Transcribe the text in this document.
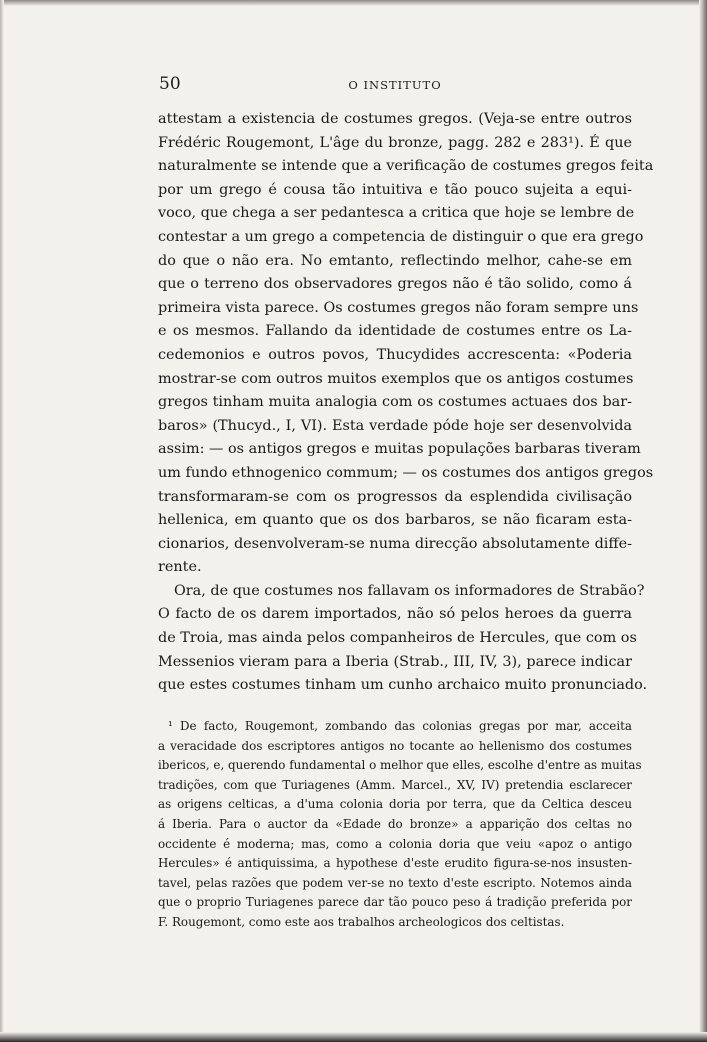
50	O INSTITUTO
attestam a existencia de costumes gregos. (Veja-se entre outros
Frédéric Rougemont, L'âge du bronze, pagg. 282 e 283¹). É que
naturalmente se intende que a verificação de costumes gregos feita
por um grego é cousa tão intuitiva e tão pouco sujeita a equi-
voco, que chega a ser pedantesca a critica que hoje se lembre de
contestar a um grego a competencia de distinguir o que era grego
do que o não era. No emtanto, reflectindo melhor, cahe-se em
que o terreno dos observadores gregos não é tão solido, como á
primeira vista parece. Os costumes gregos não foram sempre uns
e os mesmos. Fallando da identidade de costumes entre os La-
cedemonios e outros povos, Thucydides accrescenta: «Poderia
mostrar-se com outros muitos exemplos que os antigos costumes
gregos tinham muita analogia com os costumes actuaes dos bar-
baros» (Thucyd., I, VI). Esta verdade póde hoje ser desenvolvida
assim: — os antigos gregos e muitas populações barbaras tiveram
um fundo ethnogenico commum; — os costumes dos antigos gregos
transformaram-se com os progressos da esplendida civilisação
hellenica, em quanto que os dos barbaros, se não ficaram esta-
cionarios, desenvolveram-se numa direcção absolutamente diffe-
rente.
Ora, de que costumes nos fallavam os informadores de Strabão?
O facto de os darem importados, não só pelos heroes da guerra
de Troia, mas ainda pelos companheiros de Hercules, que com os
Messenios vieram para a Iberia (Strab., III, IV, 3), parece indicar
que estes costumes tinham um cunho archaico muito pronunciado.
¹ De facto, Rougemont, zombando das colonias gregas por mar, acceita
a veracidade dos escriptores antigos no tocante ao hellenismo dos costumes
ibericos, e, querendo fundamental o melhor que elles, escolhe d'entre as muitas
tradições, com que Turiagenes (Amm. Marcel., XV, IV) pretendia esclarecer
as origens celticas, a d'uma colonia doria por terra, que da Celtica desceu
á Iberia. Para o auctor da «Edade do bronze» a apparição dos celtas no
occidente é moderna; mas, como a colonia doria que veiu «apoz o antigo
Hercules» é antiquissima, a hypothese d'este erudito figura-se-nos insusten-
tavel, pelas razões que podem ver-se no texto d'este escripto. Notemos ainda
que o proprio Turiagenes parece dar tão pouco peso á tradição preferida por
F. Rougemont, como este aos trabalhos archeologicos dos celtistas.
